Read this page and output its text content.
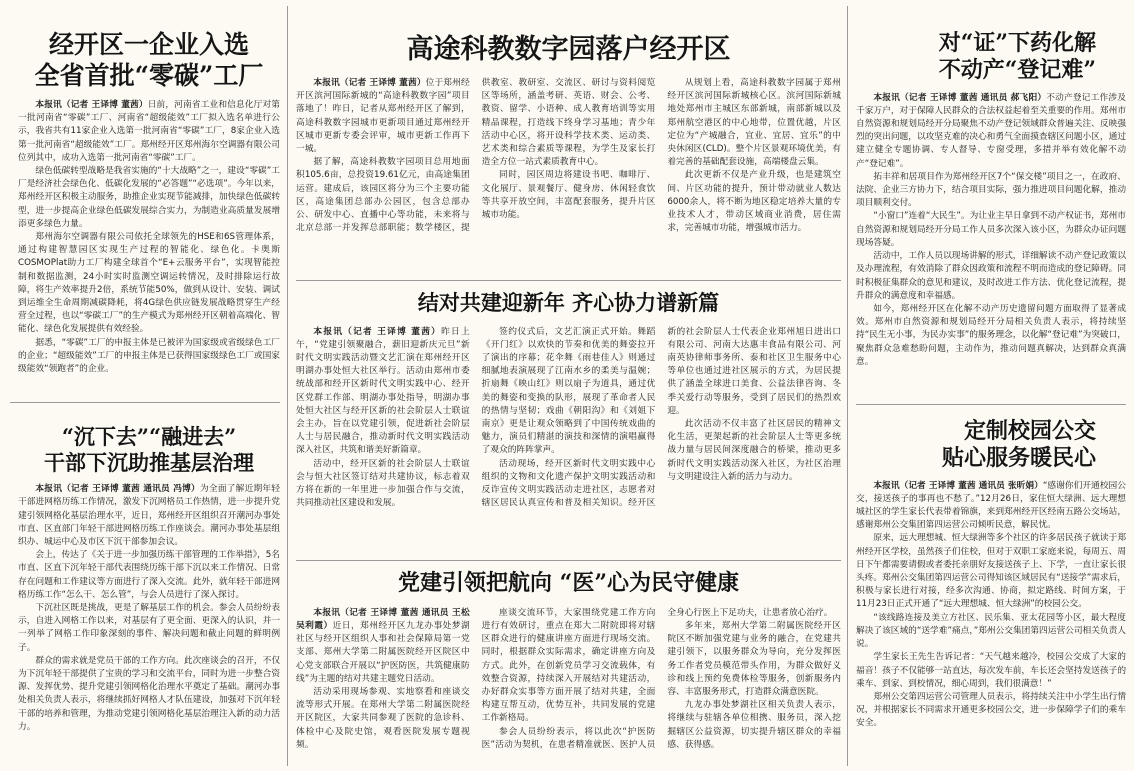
经开区一企业入选
全省首批“零碳”工厂

本报讯（记者 王译博 董茜）日前，河南省工业和信息化厅对第一批河南省“零碳”工厂、河南省“超级能效”工厂拟入选名单进行公示，我省共有11家企业入选第一批河南省“零碳”工厂，8家企业入选第一批河南省“超级能效”工厂。郑州经开区郑州海尔空调器有限公司位列其中，成功入选第一批河南省“零碳”工厂。

绿色低碳转型战略是我省实施的“十大战略”之一，建设“零碳”工厂是经济社会绿色化、低碳化发展的“必答题”“必选项”。今年以来，郑州经开区积极主动服务，助推企业实现节能减排，加快绿色低碳转型，进一步提高企业绿色低碳发展综合实力，为制造业高质量发展增添更多绿色力量。

郑州海尔空调器有限公司依托全球领先的HSE和6S管理体系，通过构建智慧园区实现生产过程的智能化、绿色化。卡奥斯COSMOPlat助力工厂构建全球首个“E+云服务平台”，实现智能控制和数据监测，24小时实时监测空调运转情况，及时排除运行故障，将生产效率提升2倍，系统节能50%，做到从设计、安装、调试到运维全生命周期减碳降耗，将4G绿色供应链发展战略贯穿生产经营全过程，也以“零碳工厂”的生产模式为郑州经开区朝着高端化、智能化、绿色化发展提供有效经验。

据悉，“零碳”工厂的申报主体是已被评为国家级或省级绿色工厂的企业；“超级能效”工厂的申报主体是已获得国家级绿色工厂或国家级能效“领跑者”的企业。

“沉下去”“融进去”
干部下沉助推基层治理

本报讯（记者 王译博 董茜 通讯员 冯博）为全面了解近期年轻干部进网格历练工作情况，激发下沉网格员工作热情，进一步提升党建引领网格化基层治理水平，近日，郑州经开区组织召开潮河办事处市直、区直部门年轻干部进网格历练工作座谈会。潮河办事处基层组织办、城运中心及市区下沉干部参加会议。

会上，传达了《关于进一步加强历练干部管理的工作举措》，5名市直、区直下沉年轻干部代表围绕历练干部下沉以来工作情况、日常存在问题和工作建议等方面进行了深入交流。此外，就年轻干部进网格历练工作“怎么干、怎么管”，与会人员进行了深入探讨。

下沉社区既是挑战，更是了解基层工作的机会。参会人员纷纷表示，自进入网格工作以来，对基层有了更全面、更深入的认识，并一一列举了网格工作印象深刻的事件、解决问题和截止问题的鲜明例子。

群众的需求就是党员干部的工作方向。此次座谈会的召开，不仅为下沉年轻干部提供了宝贵的学习和交流平台，同时为进一步整合资源、发挥优势、提升党建引领网格化治理水平奠定了基础。潮河办事处相关负责人表示，将继续抓好网格人才队伍建设，加强对下沉年轻干部的培养和管理，为推动党建引领网格化基层治理注入新的动力活力。

高途科教数字园落户经开区

本报讯（记者 王译博 董茜）位于郑州经开区滨河国际新城的“高途科教数字园”项目落地了！昨日，记者从郑州经开区了解到，高途科教数字园城市更新项目通过郑州经开区城市更新专委会评审，城市更新工作再下一城。

据了解，高途科教数字园项目总用地面积105.6亩，总投资19.61亿元，由高途集团运营。建成后，该园区将分为三个主要功能区，高途集团总部办公园区，包含总部办公、研发中心、直播中心等功能，未来将与北京总部一并发挥总部职能；数学楼区，提供教室、教研室、交流区、研讨与资料阅览区等场所，涵盖考研、英语、财会、公考、教资、留学、小语种、成人教育培训等实用精品课程，打造线下终身学习基地；青少年活动中心区，将开设科学技术类、运动类、艺术类和综合素质等课程，为学生及家长打造全方位一站式素质教育中心。

同时，园区周边将建设书吧、咖啡厅、文化展厅、景观餐厅、健身房、休闲轻食饮等共享开放空间，丰富配套服务，提升片区城市功能。

从规划上看，高途科教数字园属于郑州经开区滨河国际新城核心区。滨河国际新城地处郑州市主城区东部新城，南部新城以及郑州航空港区的中心地带，位置优越，片区定位为“产城融合，宜业、宜居、宜乐”的中央休闲区(CLD)。整个片区景观环境优美，有着完善的基础配套设施，高端楼盘云集。

此次更新不仅是产业升级，也是建筑空间、片区功能的提升，预计带动就业人数达6000余人，将不断为地区稳定培养大量的专业技术人才，带动区域商业消费，居住需求，完善城市功能，增强城市活力。

结对共建迎新年 齐心协力谱新篇

本报讯（记者 王译博 董茜）昨日上午，“党建引领聚融合，薪旧迎新庆元旦”新时代文明实践活动暨文艺汇演在郑州经开区明湖办事处恒大社区举行。活动由郑州市委统战部和经开区新时代文明实践中心、经开区党群工作部、明湖办事处指导，明湖办事处恒大社区与经开区新的社会阶层人士联谊会主办，旨在以党建引领，促进新社会阶层人士与居民融合，推动新时代文明实践活动深入社区，共筑和谐美好新篇章。

活动中，经开区新的社会阶层人士联谊会与恒大社区签订结对共建协议，标志着双方将在新的一年里进一步加强合作与交流，共同推动社区建设和发展。

签约仪式后，文艺汇演正式开始。舞蹈《开门红》以欢快的节奏和优美的舞姿拉开了演出的序幕；花伞舞《雨巷佳人》则通过细腻地表演展现了江南水乡的柔美与温婉；折扇舞《映山红》则以扇子为道具，通过优美的舞姿和变换的队形，展现了革命者人民的热情与坚韧；戏曲《朝阳沟》和《刘姐下南京》更是让观众领略到了中国传统戏曲的魅力，演员们精湛的演技和深情的演唱赢得了观众的阵阵掌声。

活动现场，经开区新时代文明实践中心组织的文物和文化遗产保护文明实践活动和反诈宣传文明实践活动走进社区，志愿者对辖区居民认真宣传和普及相关知识。经开区新的社会阶层人士代表企业郑州旭日进出口有限公司、河南大达惠丰食品有限公司、河南英协律师事务所、泰和社区卫生服务中心等单位也通过进社区展示的方式，为居民提供了涵盖全球进口美食、公益法律咨询、冬季关爱行动等服务，受到了居民们的热烈欢迎。

此次活动不仅丰富了社区居民的精神文化生活，更架起新的社会阶层人士等更多统战力量与居民间深度融合的桥梁，推动更多新时代文明实践活动深入社区，为社区治理与文明建设注入新的活力与动力。

党建引领把航向 “医”心为民守健康

本报讯（记者 王译博 董茜 通讯员 王松 吴利霞）近日，郑州经开区九龙办事处梦湖社区与经开区组织人事和社会保障局第一党支部、郑州大学第二附属医院经开区院区中心党支部联合开展以“护医防医，共筑健康防线”为主题的结对共建主题党日活动。

活动采用现场参观、实地察看和座谈交流等形式开展。在郑州大学第二附属医院经开区院区，大家共同参观了医院的急诊科、体检中心及院史馆，观看医院发展专题视频。

座谈交流环节，大家围绕党建工作方向进行有效研讨，重点在郑大二附院即将对辖区群众进行的健康讲座方面进行现场交流。同时，根据群众实际需求，确定讲座方向及方式。此外，在创新党员学习交流载体，有效整合资源，持续深入开展结对共建活动，办好群众实事等方面开展了结对共建，全面构建互帮互动，优势互补，共同发展的党建工作新格局。

参会人员纷纷表示，将以此次“护医防医”活动为契机，在患者精准就医、医护人员全身心行医上下足功夫，让患者放心治疗。

多年来，郑州大学第二附属医院经开区院区不断加强党建与业务的融合，在党建共建引领下，以服务群众为导向，充分发挥医务工作者党员模范带头作用，为群众做好义诊和线上预约免费体检等服务，创新服务内容、丰富服务形式，打造群众满意医院。

九龙办事处梦湖社区相关负责人表示，将继续与驻辖各单位相携、服务员，深入挖掘辖区公益资源，切实提升辖区群众的幸福感、获得感。

对“证”下药化解
不动产“登记难”

本报讯（记者 王译博 董茜 通讯员 郝飞阳）不动产登记工作涉及千家万户，对于保障人民群众的合法权益起着至关重要的作用。郑州市自然资源和规划局经开分局聚焦不动产登记领域群众普遍关注、反映强烈的突出问题，以攻坚克难的决心和勇气全面摸查辖区问题小区，通过建立健全专题协调、专人督导、专窗受理，多措并举有效化解不动产“登记难”。

拓丰祥和居项目作为郑州经开区7个“保交楼”项目之一，在政府、法院、企业三方协力下，结合项目实际，强力推进项目问题化解，推动项目顺利交付。

“小窗口”连着“大民生”。为让业主早日拿到不动产权证书，郑州市自然资源和规划局经开分局工作人员多次深入该小区，为群众办证问题现场答疑。

活动中，工作人员以现场讲解的形式，详细解读不动产登记政策以及办理流程，有效消除了群众因政策和流程不明而造成的登记障碍。同时积极征集群众的意见和建议，及时改进工作方法、优化登记流程，提升群众的满意度和幸福感。

如今，郑州经开区在化解不动产历史遗留问题方面取得了显著成效。郑州市自然资源和规划局经开分局相关负责人表示，将持续坚持“民生无小事，为民办实事”的服务理念，以化解“登记难”为突破口，聚焦群众急难愁盼问题，主动作为，推动问题真解决，达到群众真满意。

定制校园公交
贴心服务暖民心

本报讯（记者 王译博 董茜 通讯员 张昕娟）“感谢你们开通校园公交，接送孩子的事再也不愁了。”12月26日，家住恒大绿洲、远大理想城社区的学生家长代表带着锦旗，来到郑州经开区经南五路公交场站，感谢郑州公交集团第四运营公司倾听民意，解民忧。

原来，远大理想城、恒大绿洲等多个社区的许多居民孩子就读于郑州经开区学校，虽然孩子们住校，但对于双职工家庭来说，每周五、周日下午都需要请假或者委托亲朋好友接送孩子上、下学，一直让家长很头疼。郑州公交集团第四运营公司得知该区域居民有“送接学”需求后，积极与家长进行对接，经多次沟通、协商，拟定路线、时间方案，于11月23日正式开通了“远大理想城、恒大绿洲”的校园公交。

“该线路连接及美立方社区、民乐集、亚太花园等小区，最大程度解决了该区域的“送学难”痛点，”郑州公交集团第四运营公司相关负责人说。

学生家长王先生告诉记者：“天气越来越冷，校园公交成了大家的福音！孩子不仅能够一站直达，每次发车前，车长还会坚持发送孩子的乘车、到家、到校情况，细心周到，我们很满意！”

郑州公交第四运营公司管理人员表示，将持续关注中小学生出行情况，并根据家长不同需求开通更多校园公交，进一步保障学子们的乘车安全。
